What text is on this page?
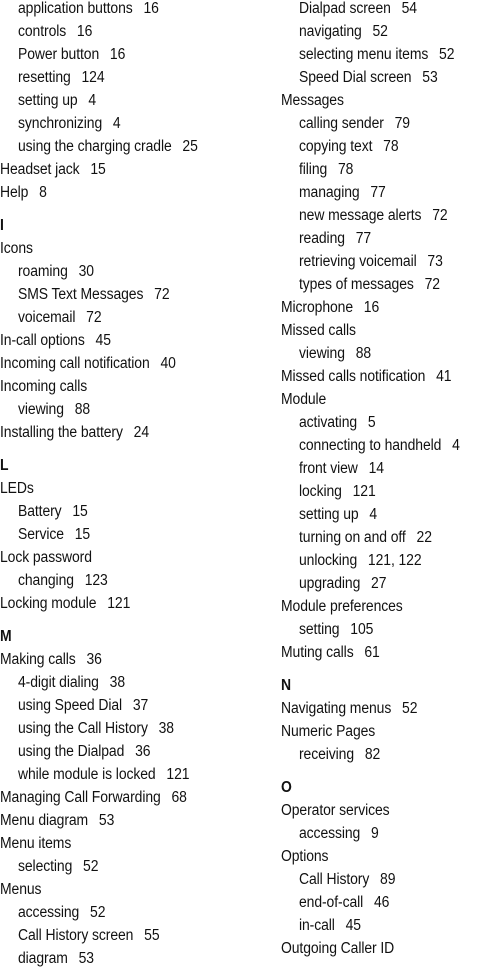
application buttons 16
controls 16
Power button 16
resetting 124
setting up 4
synchronizing 4
using the charging cradle 25
Headset jack 15
Help 8
I
Icons
roaming 30
SMS Text Messages 72
voicemail 72
In-call options 45
Incoming call notification 40
Incoming calls
viewing 88
Installing the battery 24
L
LEDs
Battery 15
Service 15
Lock password
changing 123
Locking module 121
M
Making calls 36
4-digit dialing 38
using Speed Dial 37
using the Call History 38
using the Dialpad 36
while module is locked 121
Managing Call Forwarding 68
Menu diagram 53
Menu items
selecting 52
Menus
accessing 52
Call History screen 55
diagram 53
Dialpad screen 54
navigating 52
selecting menu items 52
Speed Dial screen 53
Messages
calling sender 79
copying text 78
filing 78
managing 77
new message alerts 72
reading 77
retrieving voicemail 73
types of messages 72
Microphone 16
Missed calls
viewing 88
Missed calls notification 41
Module
activating 5
connecting to handheld 4
front view 14
locking 121
setting up 4
turning on and off 22
unlocking 121, 122
upgrading 27
Module preferences
setting 105
Muting calls 61
N
Navigating menus 52
Numeric Pages
receiving 82
O
Operator services
accessing 9
Options
Call History 89
end-of-call 46
in-call 45
Outgoing Caller ID
